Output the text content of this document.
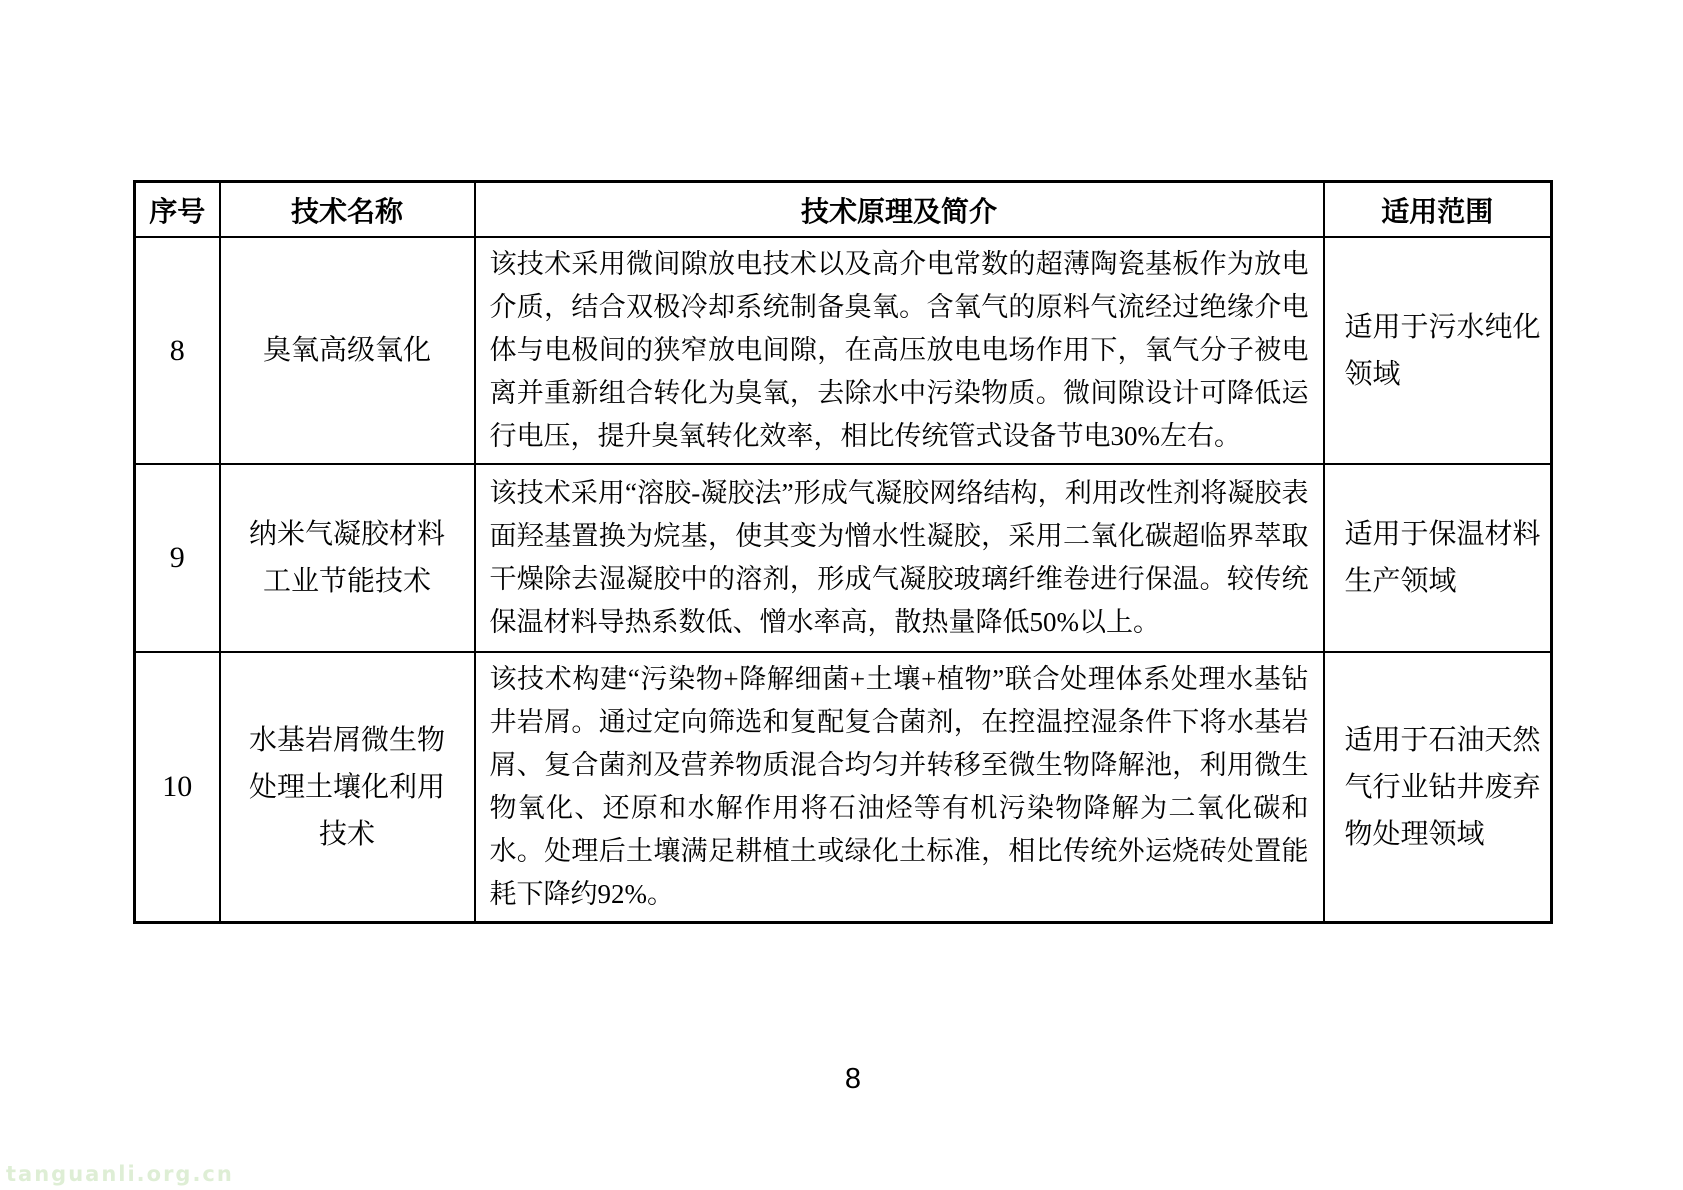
序号	技术名称	技术原理及简介	适用范围
8	臭氧高级氧化	该技术采用微间隙放电技术以及高介电常数的超薄陶瓷基板作为放电介质，结合双极冷却系统制备臭氧。含氧气的原料气流经过绝缘介电体与电极间的狭窄放电间隙，在高压放电电场作用下，氧气分子被电离并重新组合转化为臭氧，去除水中污染物质。微间隙设计可降低运行电压，提升臭氧转化效率，相比传统管式设备节电30%左右。	适用于污水纯化领域
9	纳米气凝胶材料工业节能技术	该技术采用“溶胶-凝胶法”形成气凝胶网络结构，利用改性剂将凝胶表面羟基置换为烷基，使其变为憎水性凝胶，采用二氧化碳超临界萃取干燥除去湿凝胶中的溶剂，形成气凝胶玻璃纤维卷进行保温。较传统保温材料导热系数低、憎水率高，散热量降低50%以上。	适用于保温材料生产领域
10	水基岩屑微生物处理土壤化利用技术	该技术构建“污染物+降解细菌+土壤+植物”联合处理体系处理水基钻井岩屑。通过定向筛选和复配复合菌剂，在控温控湿条件下将水基岩屑、复合菌剂及营养物质混合均匀并转移至微生物降解池，利用微生物氧化、还原和水解作用将石油烃等有机污染物降解为二氧化碳和水。处理后土壤满足耕植土或绿化土标准，相比传统外运烧砖处置能耗下降约92%。	适用于石油天然气行业钻井废弃物处理领域
8
tanguanli.org.cn
